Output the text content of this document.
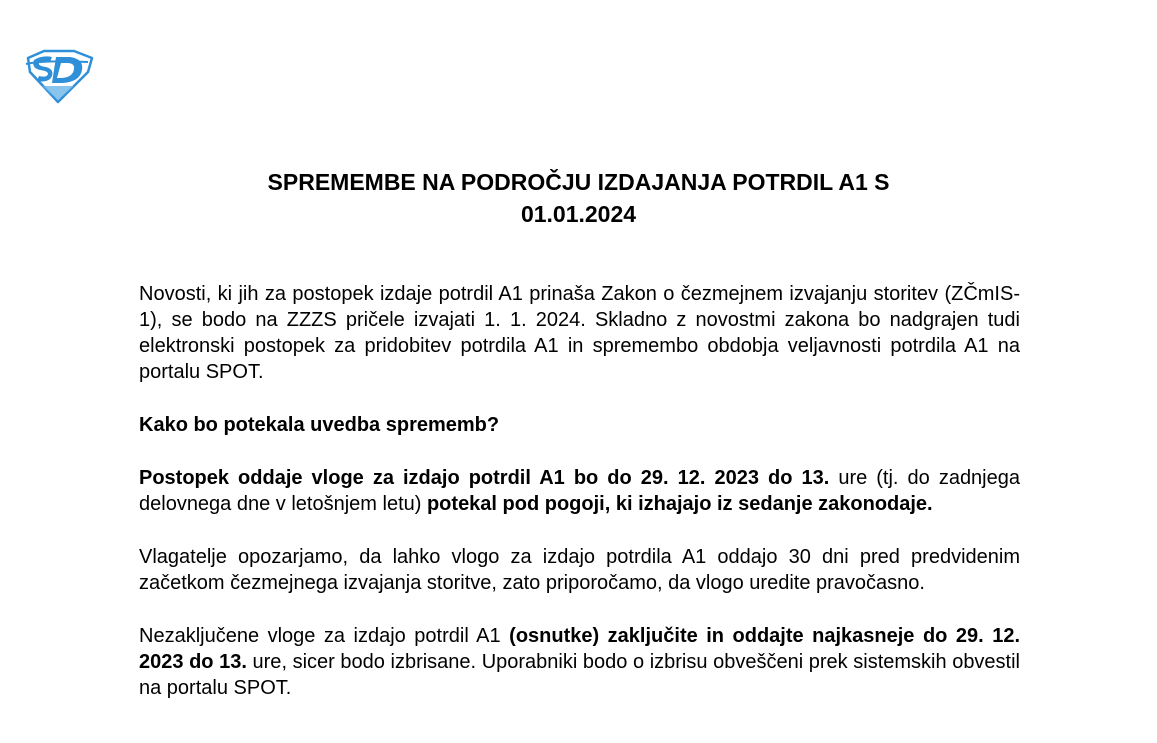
SPREMEMBE NA PODROČJU IZDAJANJA POTRDIL A1 S
01.01.2024

Novosti, ki jih za postopek izdaje potrdil A1 prinaša Zakon o čezmejnem izvajanju storitev (ZČmIS-1), se bodo na ZZZS pričele izvajati 1. 1. 2024. Skladno z novostmi zakona bo nadgrajen tudi elektronski postopek za pridobitev potrdila A1 in spremembo obdobja veljavnosti potrdila A1 na portalu SPOT.

Kako bo potekala uvedba sprememb?

Postopek oddaje vloge za izdajo potrdil A1 bo do 29. 12. 2023 do 13. ure (tj. do zadnjega delovnega dne v letošnjem letu) potekal pod pogoji, ki izhajajo iz sedanje zakonodaje.

Vlagatelje opozarjamo, da lahko vlogo za izdajo potrdila A1 oddajo 30 dni pred predvidenim začetkom čezmejnega izvajanja storitve, zato priporočamo, da vlogo uredite pravočasno.

Nezaključene vloge za izdajo potrdil A1 (osnutke) zaključite in oddajte najkasneje do 29. 12. 2023 do 13. ure, sicer bodo izbrisane. Uporabniki bodo o izbrisu obveščeni prek sistemskih obvestil na portalu SPOT.
